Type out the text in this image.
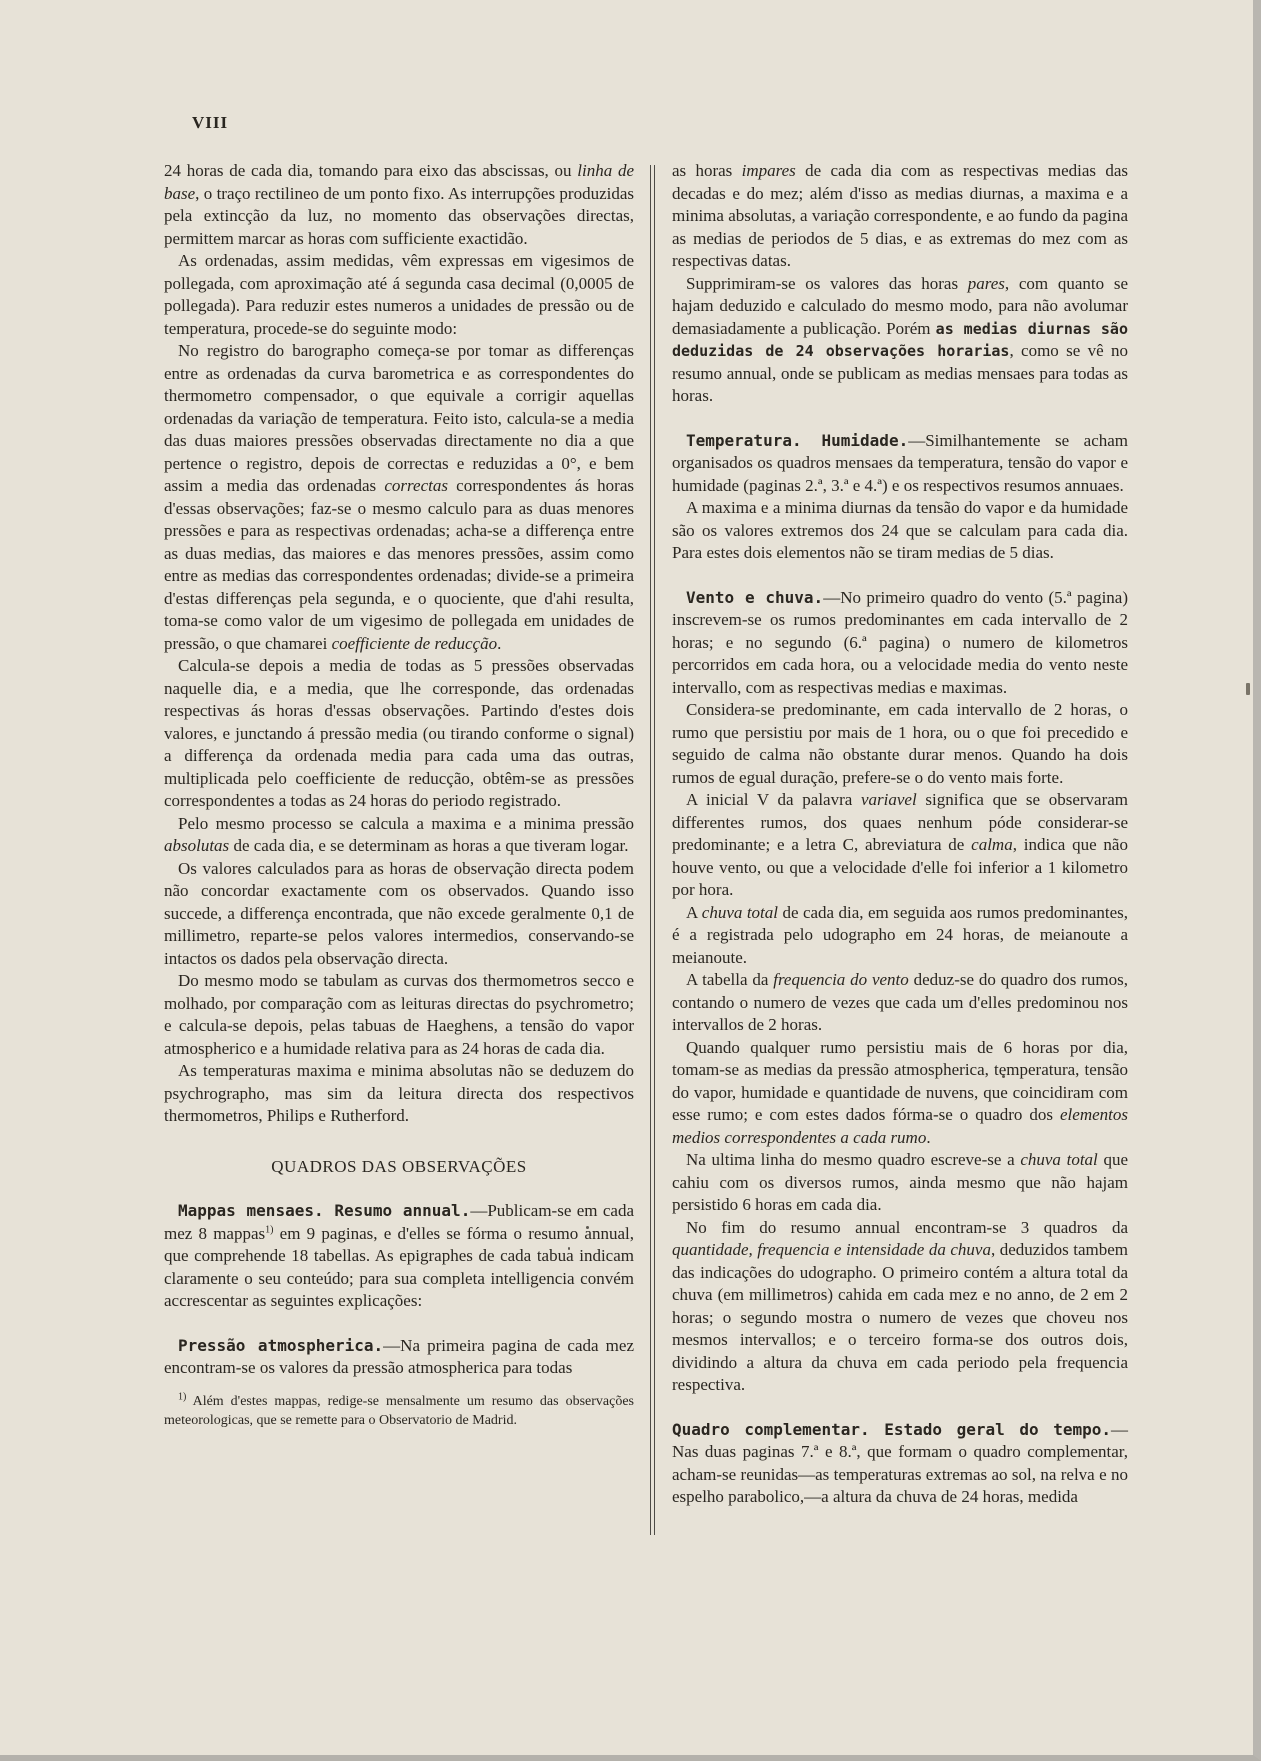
VIII

24 horas de cada dia, tomando para eixo das abscissas, ou linha de base, o traço rectilineo de um ponto fixo. As interrupções produzidas pela extincção da luz, no momento das observações directas, permittem marcar as horas com sufficiente exactidão.

As ordenadas, assim medidas, vêm expressas em vigesimos de pollegada, com aproximação até á segunda casa decimal (0,0005 de pollegada). Para reduzir estes numeros a unidades de pressão ou de temperatura, procede-se do seguinte modo:

No registro do barographo começa-se por tomar as differenças entre as ordenadas da curva barometrica e as correspondentes do thermometro compensador, o que equivale a corrigir aquellas ordenadas da variação de temperatura. Feito isto, calcula-se a media das duas maiores pressões observadas directamente no dia a que pertence o registro, depois de correctas e reduzidas a 0°, e bem assim a media das ordenadas correctas correspondentes ás horas d'essas observações; faz-se o mesmo calculo para as duas menores pressões e para as respectivas ordenadas; acha-se a differença entre as duas medias, das maiores e das menores pressões, assim como entre as medias das correspondentes ordenadas; divide-se a primeira d'estas differenças pela segunda, e o quociente, que d'ahi resulta, toma-se como valor de um vigesimo de pollegada em unidades de pressão, o que chamarei coefficiente de reducção.

Calcula-se depois a media de todas as 5 pressões observadas naquelle dia, e a media, que lhe corresponde, das ordenadas respectivas ás horas d'essas observações. Partindo d'estes dois valores, e junctando á pressão media (ou tirando conforme o signal) a differença da ordenada media para cada uma das outras, multiplicada pelo coefficiente de reducção, obtêm-se as pressões correspondentes a todas as 24 horas do periodo registrado.

Pelo mesmo processo se calcula a maxima e a minima pressão absolutas de cada dia, e se determinam as horas a que tiveram logar.

Os valores calculados para as horas de observação directa podem não concordar exactamente com os observados. Quando isso succede, a differença encontrada, que não excede geralmente 0,1 de millimetro, reparte-se pelos valores intermedios, conservando-se intactos os dados pela observação directa.

Do mesmo modo se tabulam as curvas dos thermometros secco e molhado, por comparação com as leituras directas do psychrometro; e calcula-se depois, pelas tabuas de Haeghens, a tensão do vapor atmospherico e a humidade relativa para as 24 horas de cada dia.

As temperaturas maxima e minima absolutas não se deduzem do psychrographo, mas sim da leitura directa dos respectivos thermometros, Philips e Rutherford.

QUADROS DAS OBSERVAÇÕES

Mappas mensaes. Resumo annual.—Publicam-se em cada mez 8 mappas$^{1)}$ em 9 paginas, e d'elles se fórma o resumo annual, que comprehende 18 tabellas. As epigraphes de cada tabua indicam claramente o seu conteúdo; para sua completa intelligencia convém accrescentar as seguintes explicações:

Pressão atmospherica.—Na primeira pagina de cada mez encontram-se os valores da pressão atmospherica para todas

$^{1)}$ Além d'estes mappas, redige-se mensalmente um resumo das observações meteorologicas, que se remette para o Observatorio de Madrid.

as horas impares de cada dia com as respectivas medias das decadas e do mez; além d'isso as medias diurnas, a maxima e a minima absolutas, a variação correspondente, e ao fundo da pagina as medias de periodos de 5 dias, e as extremas do mez com as respectivas datas.

Supprimiram-se os valores das horas pares, com quanto se hajam deduzido e calculado do mesmo modo, para não avolumar demasiadamente a publicação. Porém as medias diurnas são deduzidas de 24 observações horarias, como se vê no resumo annual, onde se publicam as medias mensaes para todas as horas.

Temperatura. Humidade.—Similhantemente se acham organisados os quadros mensaes da temperatura, tensão do vapor e humidade (paginas 2.ª, 3.ª e 4.ª) e os respectivos resumos annuaes.

A maxima e a minima diurnas da tensão do vapor e da humidade são os valores extremos dos 24 que se calculam para cada dia. Para estes dois elementos não se tiram medias de 5 dias.

Vento e chuva.—No primeiro quadro do vento (5.ª pagina) inscrevem-se os rumos predominantes em cada intervallo de 2 horas; e no segundo (6.ª pagina) o numero de kilometros percorridos em cada hora, ou a velocidade media do vento neste intervallo, com as respectivas medias e maximas.

Considera-se predominante, em cada intervallo de 2 horas, o rumo que persistiu por mais de 1 hora, ou o que foi precedido e seguido de calma não obstante durar menos. Quando ha dois rumos de egual duração, prefere-se o do vento mais forte.

A inicial V da palavra variavel significa que se observaram differentes rumos, dos quaes nenhum póde considerar-se predominante; e a letra C, abreviatura de calma, indica que não houve vento, ou que a velocidade d'elle foi inferior a 1 kilometro por hora.

A chuva total de cada dia, em seguida aos rumos predominantes, é a registrada pelo udographo em 24 horas, de meianoute a meianoute.

A tabella da frequencia do vento deduz-se do quadro dos rumos, contando o numero de vezes que cada um d'elles predominou nos intervallos de 2 horas.

Quando qualquer rumo persistiu mais de 6 horas por dia, tomam-se as medias da pressão atmospherica, temperatura, tensão do vapor, humidade e quantidade de nuvens, que coincidiram com esse rumo; e com estes dados fórma-se o quadro dos elementos medios correspondentes a cada rumo.

Na ultima linha do mesmo quadro escreve-se a chuva total que cahiu com os diversos rumos, ainda mesmo que não hajam persistido 6 horas em cada dia.

No fim do resumo annual encontram-se 3 quadros da quantidade, frequencia e intensidade da chuva, deduzidos tambem das indicações do udographo. O primeiro contém a altura total da chuva (em millimetros) cahida em cada mez e no anno, de 2 em 2 horas; o segundo mostra o numero de vezes que choveu nos mesmos intervallos; e o terceiro forma-se dos outros dois, dividindo a altura da chuva em cada periodo pela frequencia respectiva.

Quadro complementar. Estado geral do tempo.— Nas duas paginas 7.ª e 8.ª, que formam o quadro complementar, acham-se reunidas—as temperaturas extremas ao sol, na relva e no espelho parabolico,—a altura da chuva de 24 horas, medida
